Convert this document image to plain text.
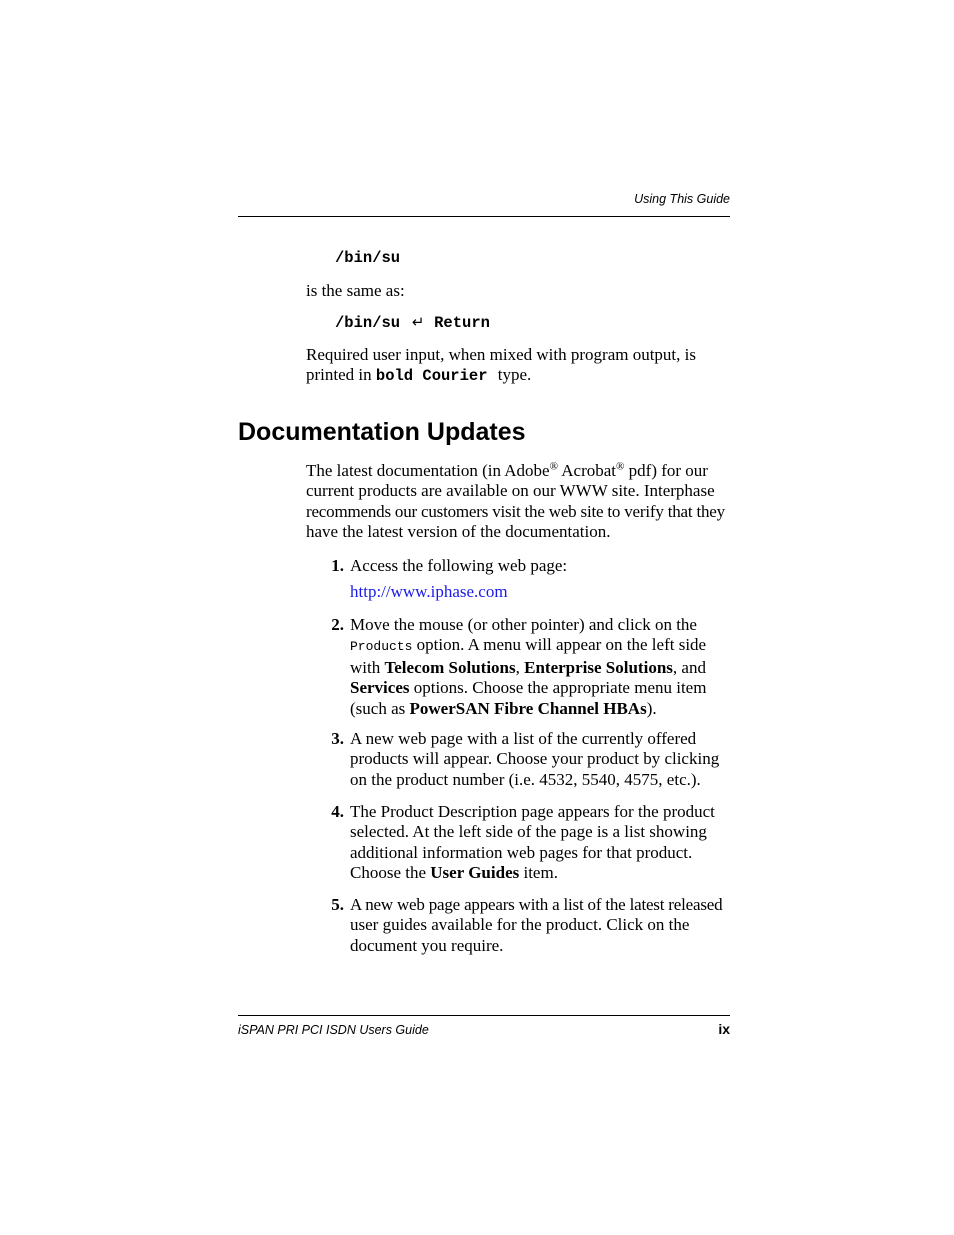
Using This Guide
/bin/su
is the same as:
/bin/su ↵ Return
Required user input, when mixed with program output, is
printed in bold Courier type.
Documentation Updates
The latest documentation (in Adobe® Acrobat® pdf) for our
current products are available on our WWW site. Interphase
recommends our customers visit the web site to verify that they
have the latest version of the documentation.
1. Access the following web page:
http://www.iphase.com
2. Move the mouse (or other pointer) and click on the
Products option. A menu will appear on the left side
with Telecom Solutions, Enterprise Solutions, and
Services options. Choose the appropriate menu item
(such as PowerSAN Fibre Channel HBAs).
3. A new web page with a list of the currently offered
products will appear. Choose your product by clicking
on the product number (i.e. 4532, 5540, 4575, etc.).
4. The Product Description page appears for the product
selected. At the left side of the page is a list showing
additional information web pages for that product.
Choose the User Guides item.
5. A new web page appears with a list of the latest released
user guides available for the product. Click on the
document you require.
iSPAN PRI PCI ISDN Users Guide	ix
